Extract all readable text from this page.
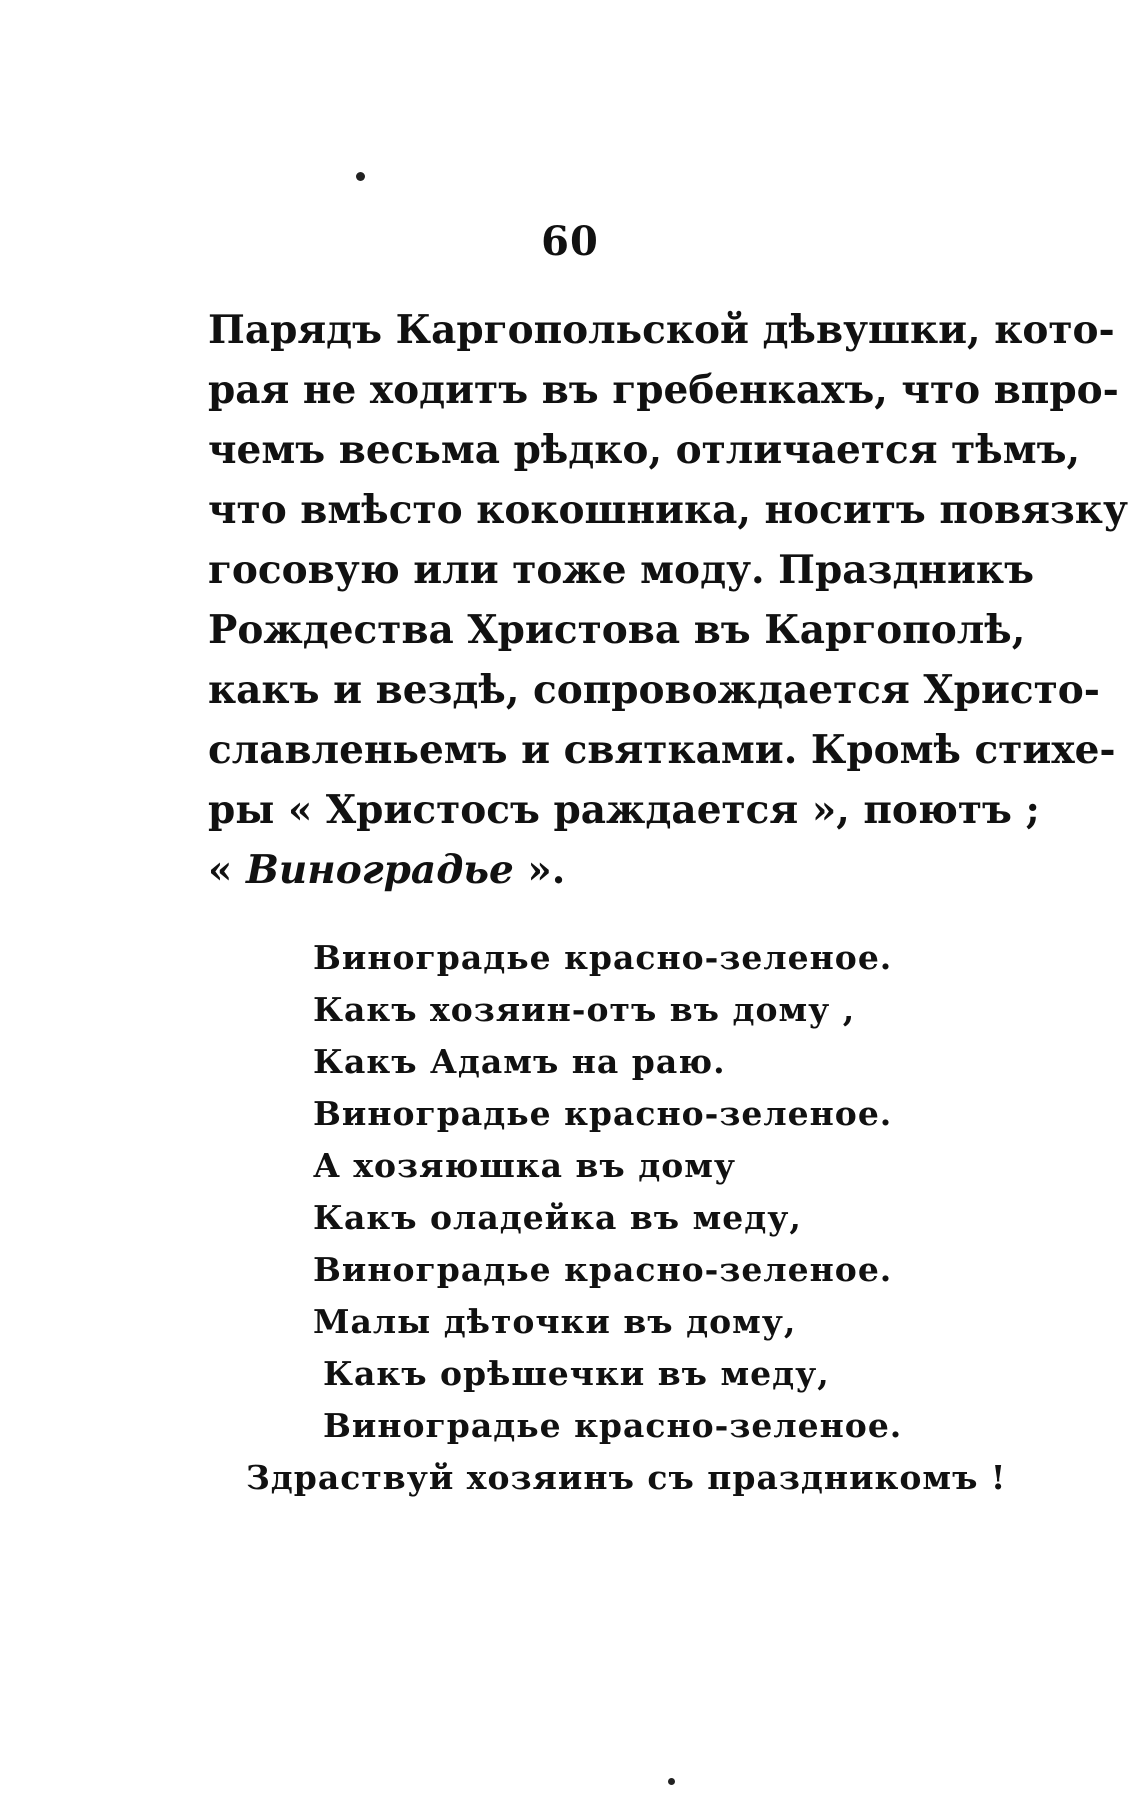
60
Парядъ Каргопольской дѣвушки, кото-
рая не ходитъ въ гребенкахъ, что впро-
чемъ весьма рѣдко, отличается тѣмъ,
что вмѣсто кокошника, носитъ повязку
госовую или тоже моду. Праздникъ
Рождества Христова въ Каргополѣ,
какъ и вездѣ, сопровождается Христо-
славленьемъ и святками. Кромѣ стихе-
ры « Христосъ раждается », поютъ ;
« Виноградье ».
Виноградье красно-зеленое.
Какъ хозяин-отъ въ дому ,
Какъ Адамъ на раю.
Виноградье красно-зеленое.
А хозяюшка въ дому
Какъ оладейка въ меду,
Виноградье красно-зеленое.
Малы дѣточки въ дому,
Какъ орѣшечки въ меду,
Виноградье красно-зеленое.
Здраствуй хозяинъ съ праздникомъ !
